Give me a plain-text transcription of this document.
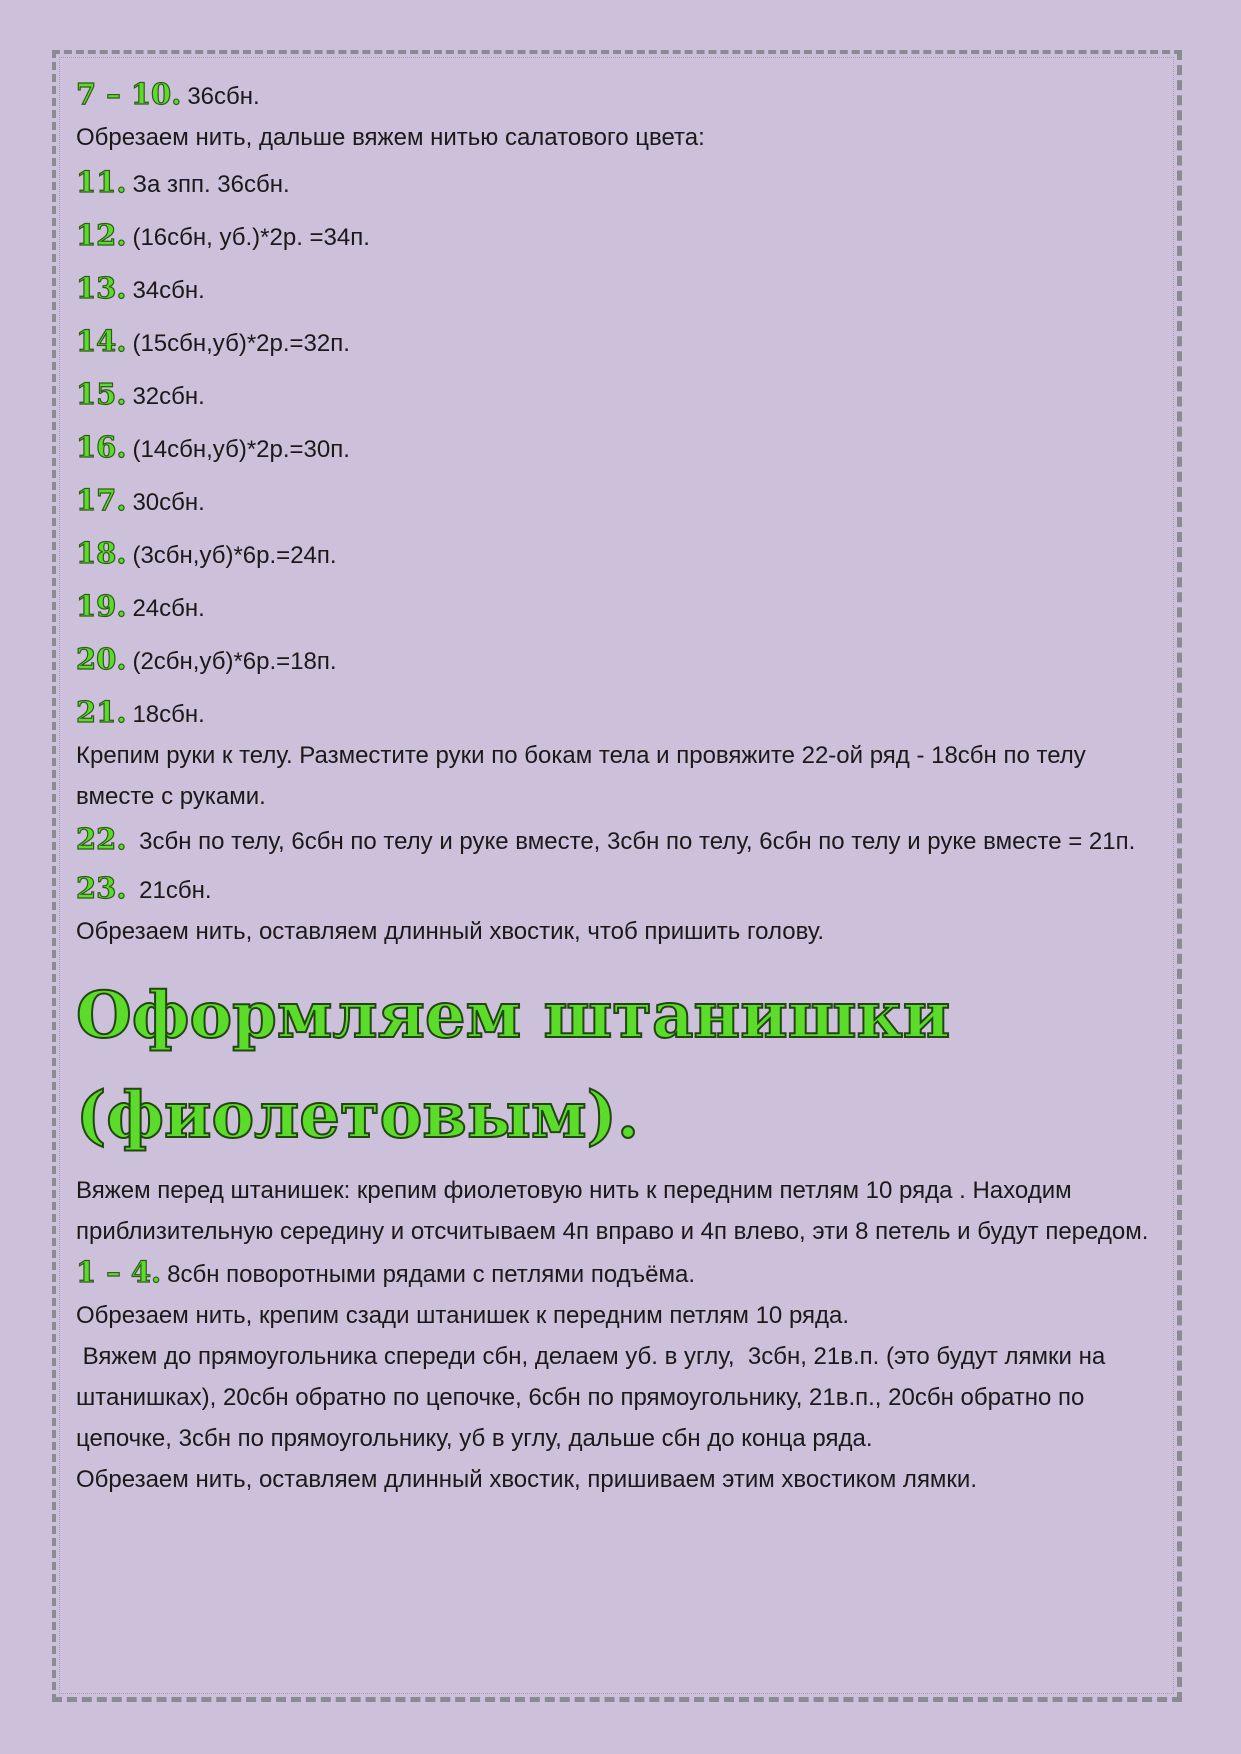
7 – 10. 36сбн.

Обрезаем нить, дальше вяжем нитью салатового цвета:

11. За зпп. 36сбн.

12. (16сбн, уб.)*2р. =34п.

13. 34сбн.

14. (15сбн,уб)*2р.=32п.

15. 32сбн.

16. (14сбн,уб)*2р.=30п.

17. 30сбн.

18. (3сбн,уб)*6р.=24п.

19. 24сбн.

20. (2сбн,уб)*6р.=18п.

21. 18сбн.

Крепим руки к телу. Разместите руки по бокам тела и провяжите 22-ой ряд - 18сбн по телу вместе с руками.

22. 3сбн по телу, 6сбн по телу и руке вместе, 3сбн по телу, 6сбн по телу и руке вместе = 21п.

23. 21сбн.

Обрезаем нить, оставляем длинный хвостик, чтоб пришить голову.

Оформляем штанишки
(фиолетовым).

Вяжем перед штанишек: крепим фиолетовую нить к передним петлям 10 ряда . Находим приблизительную середину и отсчитываем 4п вправо и 4п влево, эти 8 петель и будут передом.

1 – 4. 8сбн поворотными рядами с петлями подъёма.

Обрезаем нить, крепим сзади штанишек к передним петлям 10 ряда.

Вяжем до прямоугольника спереди сбн, делаем уб. в углу,  3сбн, 21в.п. (это будут лямки на штанишках), 20сбн обратно по цепочке, 6сбн по прямоугольнику, 21в.п., 20сбн обратно по цепочке, 3сбн по прямоугольнику, уб в углу, дальше сбн до конца ряда.

Обрезаем нить, оставляем длинный хвостик, пришиваем этим хвостиком лямки.
